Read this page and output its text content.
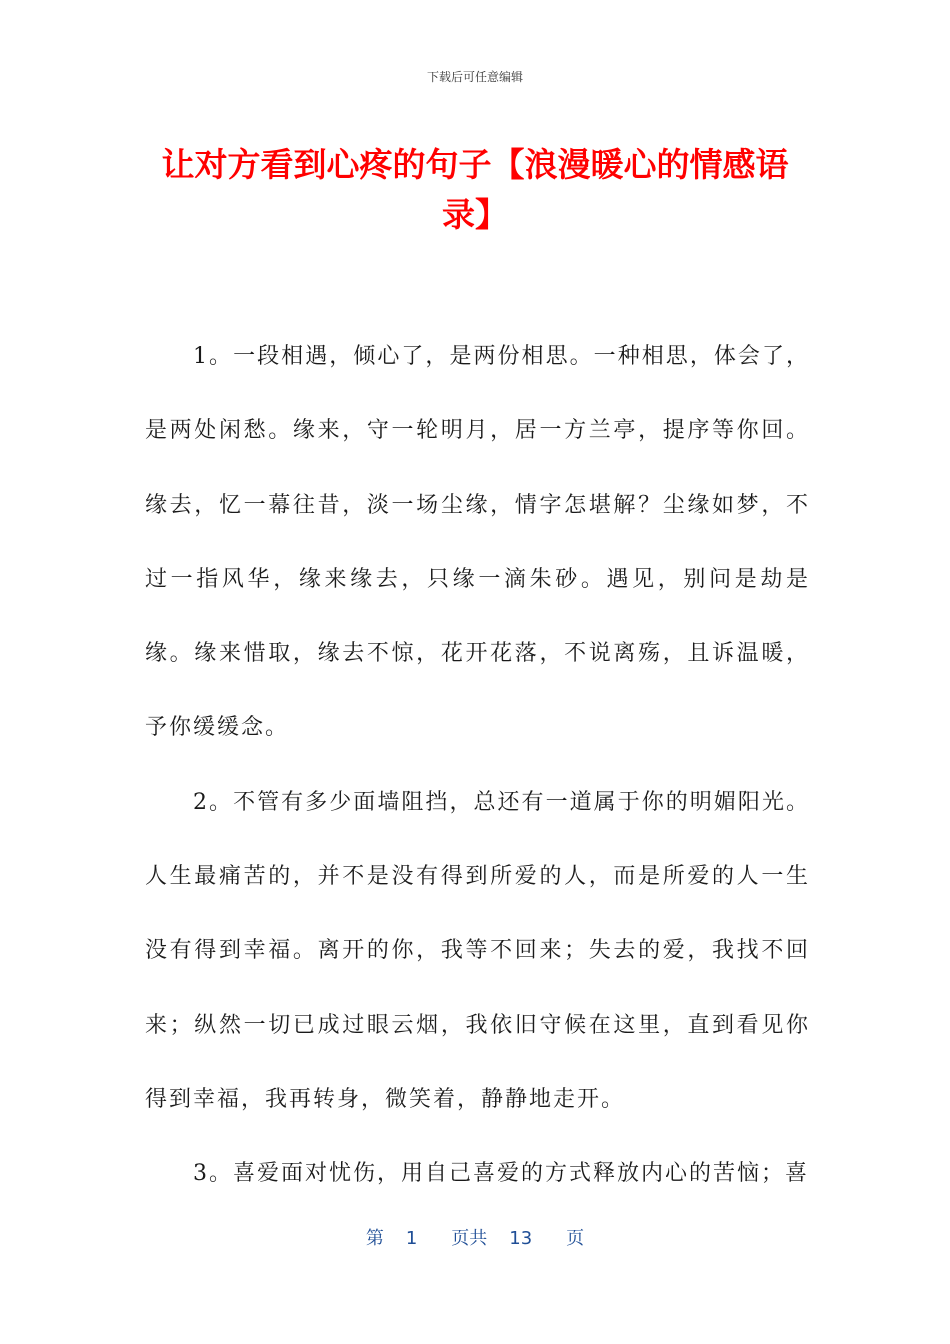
下载后可任意编辑
让对方看到心疼的句子【浪漫暖心的情感语录】

1。一段相遇，倾心了，是两份相思。一种相思，体会了，是两处闲愁。缘来，守一轮明月，居一方兰亭，提序等你回。缘去，忆一幕往昔，淡一场尘缘，情字怎堪解？尘缘如梦，不过一指风华，缘来缘去，只缘一滴朱砂。遇见，别问是劫是缘。缘来惜取，缘去不惊，花开花落，不说离殇，且诉温暖，予你缓缓念。

2。不管有多少面墙阻挡，总还有一道属于你的明媚阳光。人生最痛苦的，并不是没有得到所爱的人，而是所爱的人一生没有得到幸福。离开的你，我等不回来；失去的爱，我找不回来；纵然一切已成过眼云烟，我依旧守候在这里，直到看见你得到幸福，我再转身，微笑着，静静地走开。

3。喜爱面对忧伤，用自己喜爱的方式释放内心的苦恼；喜

第 1 页共 13 页
